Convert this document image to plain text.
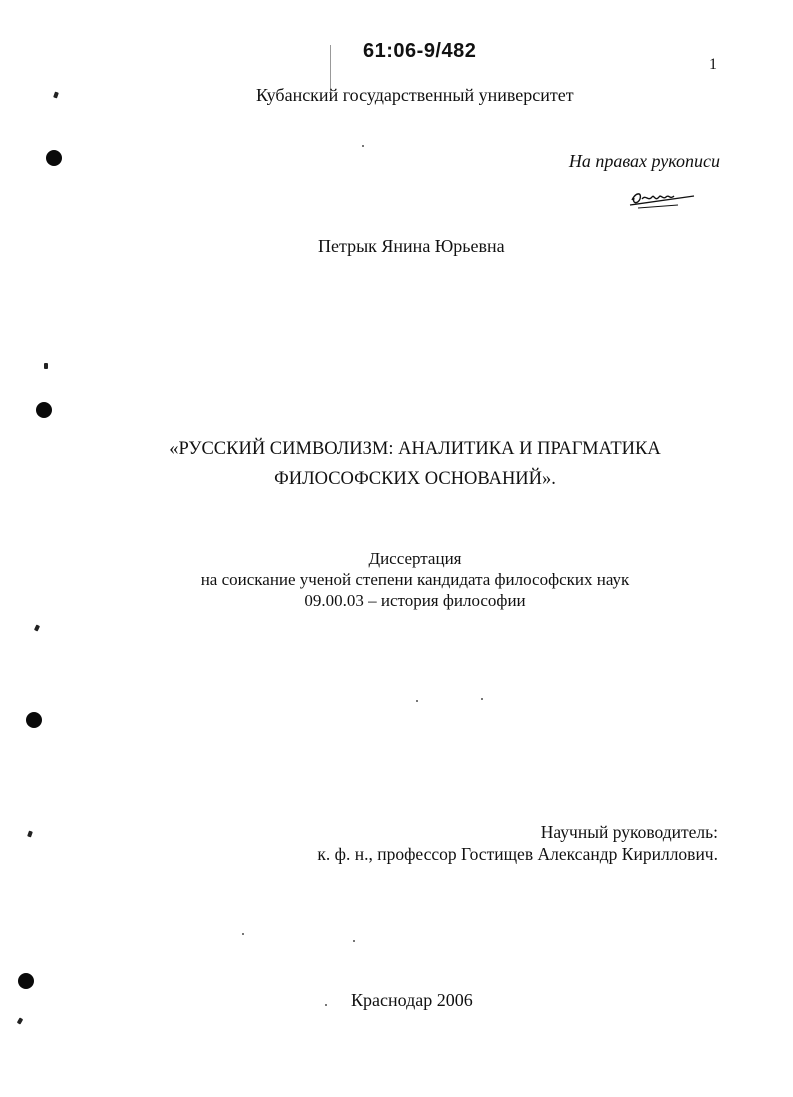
61:06-9/482
1
Кубанский государственный университет
На правах рукописи
Петрык Янина Юрьевна
«РУССКИЙ СИМВОЛИЗМ: АНАЛИТИКА И ПРАГМАТИКА
ФИЛОСОФСКИХ ОСНОВАНИЙ».
Диссертация
на соискание ученой степени кандидата философских наук
09.00.03 – история философии
Научный руководитель:
к. ф. н., профессор Гостищев Александр Кириллович.
Краснодар 2006
